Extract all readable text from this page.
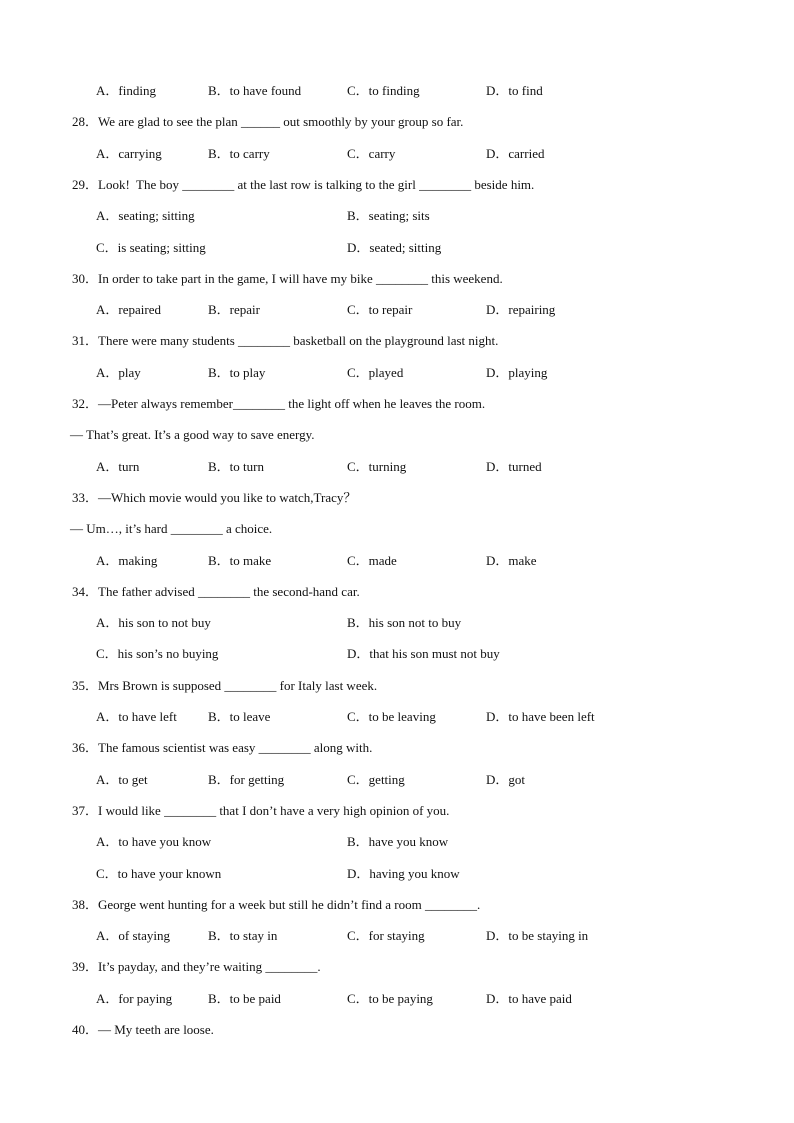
A．finding	B．to have found	C．to finding	D．to find
28．We are glad to see the plan ______ out smoothly by your group so far.
A．carrying	B．to carry	C．carry	D．carried
29．Look!  The boy ________ at the last row is talking to the girl ________ beside him.
A．seating; sitting	B．seating; sits
C．is seating; sitting	D．seated; sitting
30．In order to take part in the game, I will have my bike ________ this weekend.
A．repaired	B．repair	C．to repair	D．repairing
31．There were many students ________ basketball on the playground last night.
A．play	B．to play	C．played	D．playing
32．—Peter always remember________ the light off when he leaves the room.
— That’s great. It’s a good way to save energy.
A．turn	B．to turn	C．turning	D．turned
33．—Which movie would you like to watch,Tracy？
— Um…, it’s hard ________ a choice.
A．making	B．to make	C．made	D．make
34．The father advised ________ the second-hand car.
A．his son to not buy	B．his son not to buy
C．his son’s no buying	D．that his son must not buy
35．Mrs Brown is supposed ________ for Italy last week.
A．to have left B．to leave	C．to be leaving	D．to have been left
36．The famous scientist was easy ________ along with.
A．to get	B．for getting	C．getting	D．got
37．I would like ________ that I don’t have a very high opinion of you.
A．to have you know	B．have you know
C．to have your known	D．having you know
38．George went hunting for a week but still he didn’t find a room ________.
A．of staying	B．to stay in	C．for staying	D．to be staying in
39．It’s payday, and they’re waiting ________.
A．for paying	B．to be paid	C．to be paying	D．to have paid
40．— My teeth are loose.
